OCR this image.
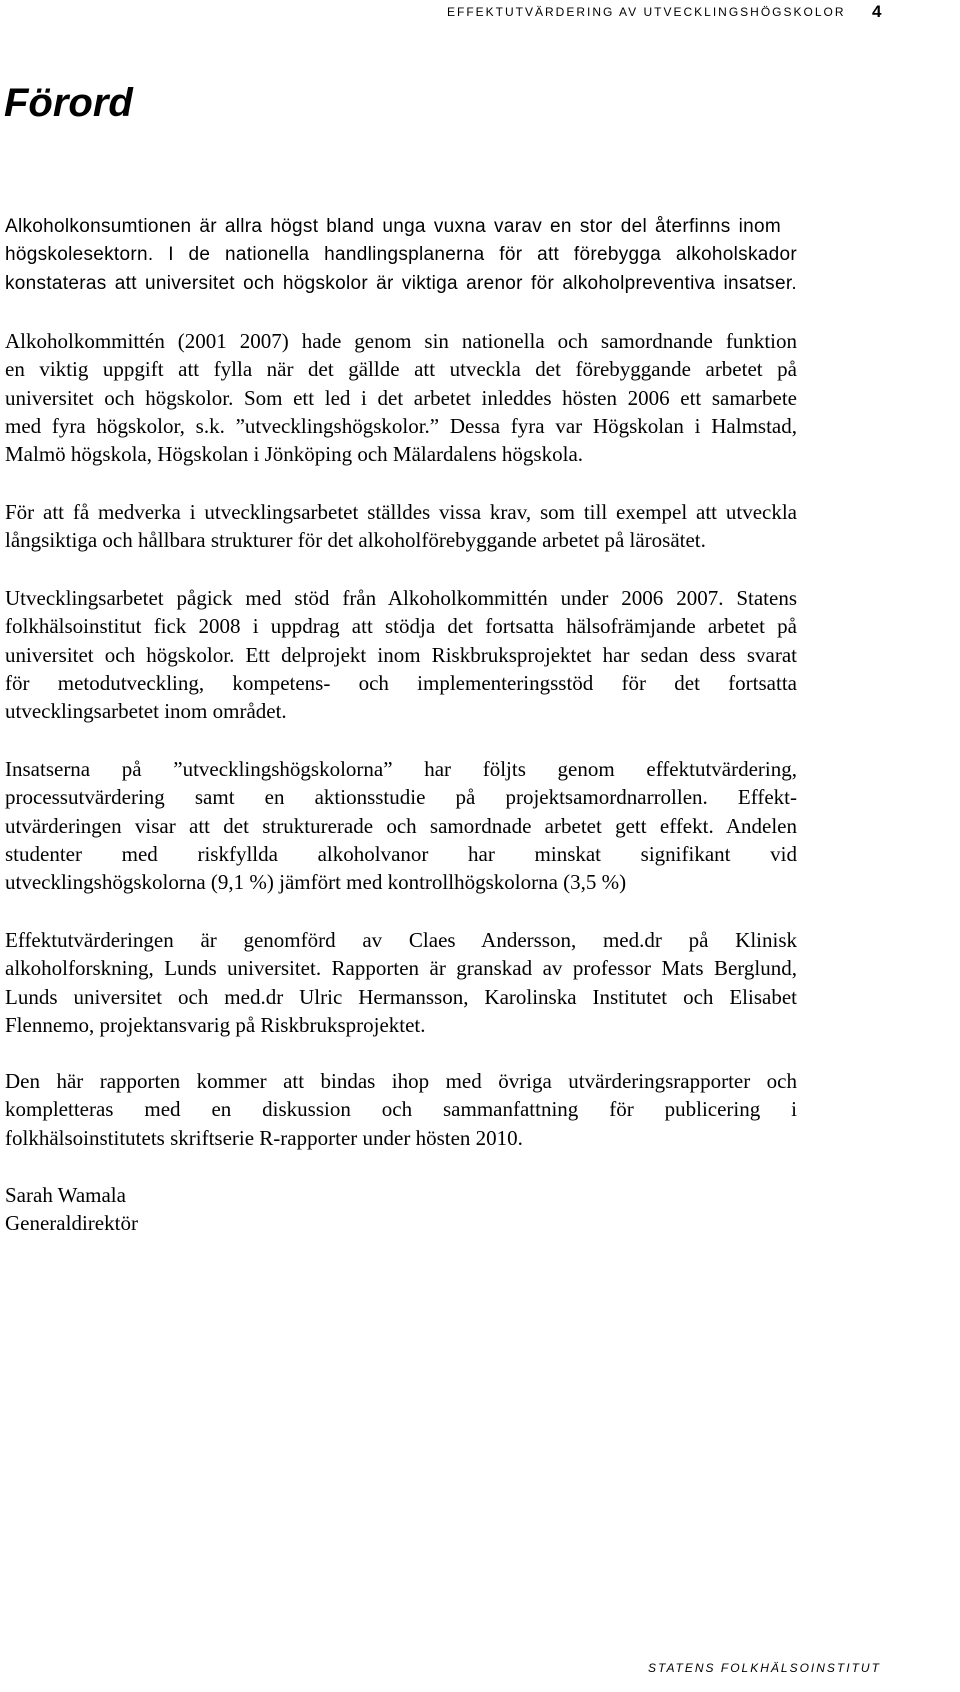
EFFEKTUTVÄRDERING AV UTVECKLINGSHÖGSKOLOR 4
Förord
Alkoholkonsumtionen är allra högst bland unga vuxna varav en stor del återfinns inom
högskolesektorn. I de nationella handlingsplanerna för att förebygga alkoholskador
konstateras att universitet och högskolor är viktiga arenor för alkoholpreventiva insatser.
Alkoholkommittén (2001 2007) hade genom sin nationella och samordnande funktion
en viktig uppgift att fylla när det gällde att utveckla det förebyggande arbetet på
universitet och högskolor. Som ett led i det arbetet inleddes hösten 2006 ett samarbete
med fyra högskolor, s.k. ”utvecklingshögskolor.” Dessa fyra var Högskolan i Halmstad,
Malmö högskola, Högskolan i Jönköping och Mälardalens högskola.
För att få medverka i utvecklingsarbetet ställdes vissa krav, som till exempel att utveckla
långsiktiga och hållbara strukturer för det alkoholförebyggande arbetet på lärosätet.
Utvecklingsarbetet pågick med stöd från Alkoholkommittén under 2006 2007. Statens
folkhälsoinstitut fick 2008 i uppdrag att stödja det fortsatta hälsofrämjande arbetet på
universitet och högskolor. Ett delprojekt inom Riskbruksprojektet har sedan dess svarat
för metodutveckling, kompetens- och implementeringsstöd för det fortsatta
utvecklingsarbetet inom området.
Insatserna på ”utvecklingshögskolorna” har följts genom effektutvärdering,
processutvärdering samt en aktionsstudie på projektsamordnarrollen. Effekt-
utvärderingen visar att det strukturerade och samordnade arbetet gett effekt. Andelen
studenter med riskfyllda alkoholvanor har minskat signifikant vid
utvecklingshögskolorna (9,1 %) jämfört med kontrollhögskolorna (3,5 %)
Effektutvärderingen är genomförd av Claes Andersson, med.dr på Klinisk
alkoholforskning, Lunds universitet. Rapporten är granskad av professor Mats Berglund,
Lunds universitet och med.dr Ulric Hermansson, Karolinska Institutet och Elisabet
Flennemo, projektansvarig på Riskbruksprojektet.
Den här rapporten kommer att bindas ihop med övriga utvärderingsrapporter och
kompletteras med en diskussion och sammanfattning för publicering i
folkhälsoinstitutets skriftserie R-rapporter under hösten 2010.
Sarah Wamala
Generaldirektör
STATENS FOLKHÄLSOINSTITUT
